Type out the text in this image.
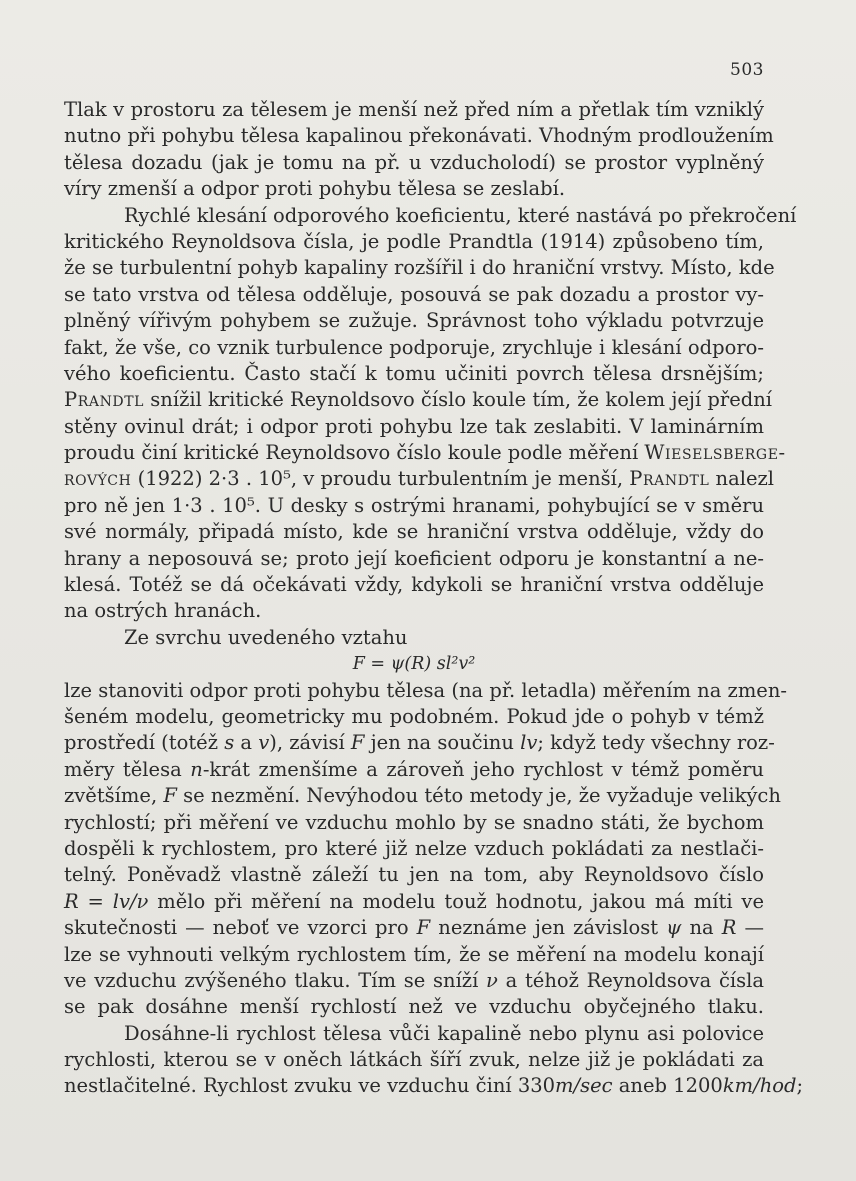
503
Tlak v prostoru za tělesem je menší než před ním a přetlak tím vzniklý
nutno při pohybu tělesa kapalinou překonávati. Vhodným prodloužením
tělesa dozadu (jak je tomu na př. u vzducholodí) se prostor vyplněný
víry zmenší a odpor proti pohybu tělesa se zeslabí.
Rychlé klesání odporového koeficientu, které nastává po překročení
kritického Reynoldsova čísla, je podle Prandtla (1914) způsobeno tím,
že se turbulentní pohyb kapaliny rozšířil i do hraniční vrstvy. Místo, kde
se tato vrstva od tělesa odděluje, posouvá se pak dozadu a prostor vy-
plněný vířivým pohybem se zužuje. Správnost toho výkladu potvrzuje
fakt, že vše, co vznik turbulence podporuje, zrychluje i klesání odporo-
vého koeficientu. Často stačí k tomu učiniti povrch tělesa drsnějším;
Prandtl snížil kritické Reynoldsovo číslo koule tím, že kolem její přední
stěny ovinul drát; i odpor proti pohybu lze tak zeslabiti. V laminárním
proudu činí kritické Reynoldsovo číslo koule podle měření Wieselsberge-
rových (1922) 2·3 . 10⁵, v proudu turbulentním je menší, Prandtl nalezl
pro ně jen 1·3 . 10⁵. U desky s ostrými hranami, pohybující se v směru
své normály, připadá místo, kde se hraniční vrstva odděluje, vždy do
hrany a neposouvá se; proto její koeficient odporu je konstantní a ne-
klesá. Totéž se dá očekávati vždy, kdykoli se hraniční vrstva odděluje
na ostrých hranách.
Ze svrchu uvedeného vztahu
F = ψ(R) sl²v²
lze stanoviti odpor proti pohybu tělesa (na př. letadla) měřením na zmen-
šeném modelu, geometricky mu podobném. Pokud jde o pohyb v témž
prostředí (totéž s a v), závisí F jen na součinu lv; když tedy všechny roz-
měry tělesa n-krát zmenšíme a zároveň jeho rychlost v témž poměru
zvětšíme, F se nezmění. Nevýhodou této metody je, že vyžaduje velikých
rychlostí; při měření ve vzduchu mohlo by se snadno státi, že bychom
dospěli k rychlostem, pro které již nelze vzduch pokládati za nestlači-
telný. Poněvadž vlastně záleží tu jen na tom, aby Reynoldsovo číslo
R = lv/ν mělo při měření na modelu touž hodnotu, jakou má míti ve
skutečnosti — neboť ve vzorci pro F neznáme jen závislost ψ na R —
lze se vyhnouti velkým rychlostem tím, že se měření na modelu konají
ve vzduchu zvýšeného tlaku. Tím se sníží ν a téhož Reynoldsova čísla
se pak dosáhne menší rychlostí než ve vzduchu obyčejného tlaku.
Dosáhne-li rychlost tělesa vůči kapalině nebo plynu asi polovice
rychlosti, kterou se v oněch látkách šíří zvuk, nelze již je pokládati za
nestlačitelné. Rychlost zvuku ve vzduchu činí 330m/sec aneb 1200km/hod;
